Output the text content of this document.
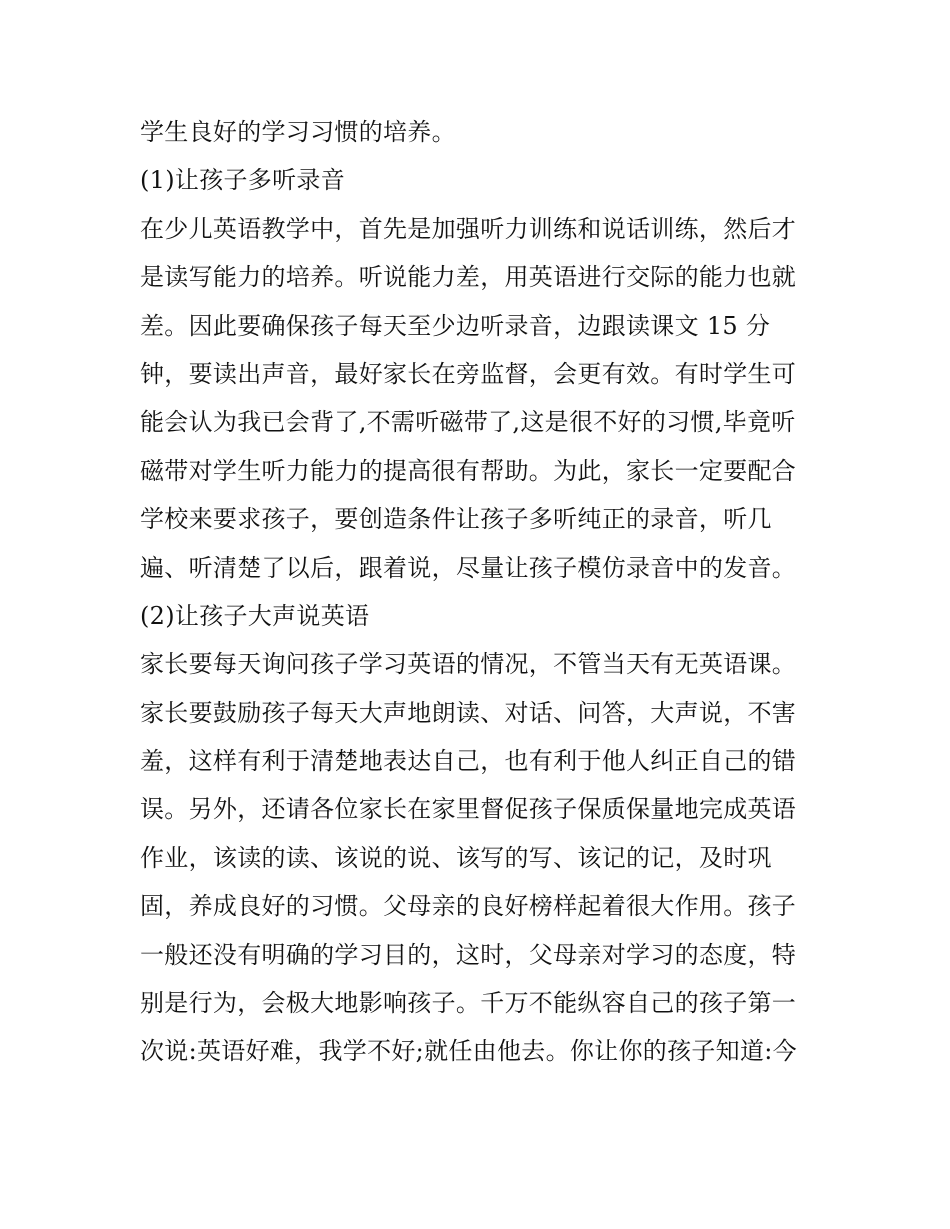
学生良好的学习习惯的培养。
(1)让孩子多听录音
在少儿英语教学中，首先是加强听力训练和说话训练，然后才
是读写能力的培养。听说能力差，用英语进行交际的能力也就
差。因此要确保孩子每天至少边听录音，边跟读课文 15 分
钟，要读出声音，最好家长在旁监督，会更有效。有时学生可
能会认为我已会背了,不需听磁带了,这是很不好的习惯,毕竟听
磁带对学生听力能力的提高很有帮助。为此，家长一定要配合
学校来要求孩子，要创造条件让孩子多听纯正的录音，听几
遍、听清楚了以后，跟着说，尽量让孩子模仿录音中的发音。
(2)让孩子大声说英语
家长要每天询问孩子学习英语的情况，不管当天有无英语课。
家长要鼓励孩子每天大声地朗读、对话、问答，大声说，不害
羞，这样有利于清楚地表达自己，也有利于他人纠正自己的错
误。另外，还请各位家长在家里督促孩子保质保量地完成英语
作业，该读的读、该说的说、该写的写、该记的记，及时巩
固，养成良好的习惯。父母亲的良好榜样起着很大作用。孩子
一般还没有明确的学习目的，这时，父母亲对学习的态度，特
别是行为，会极大地影响孩子。千万不能纵容自己的孩子第一
次说:英语好难，我学不好;就任由他去。你让你的孩子知道:今
